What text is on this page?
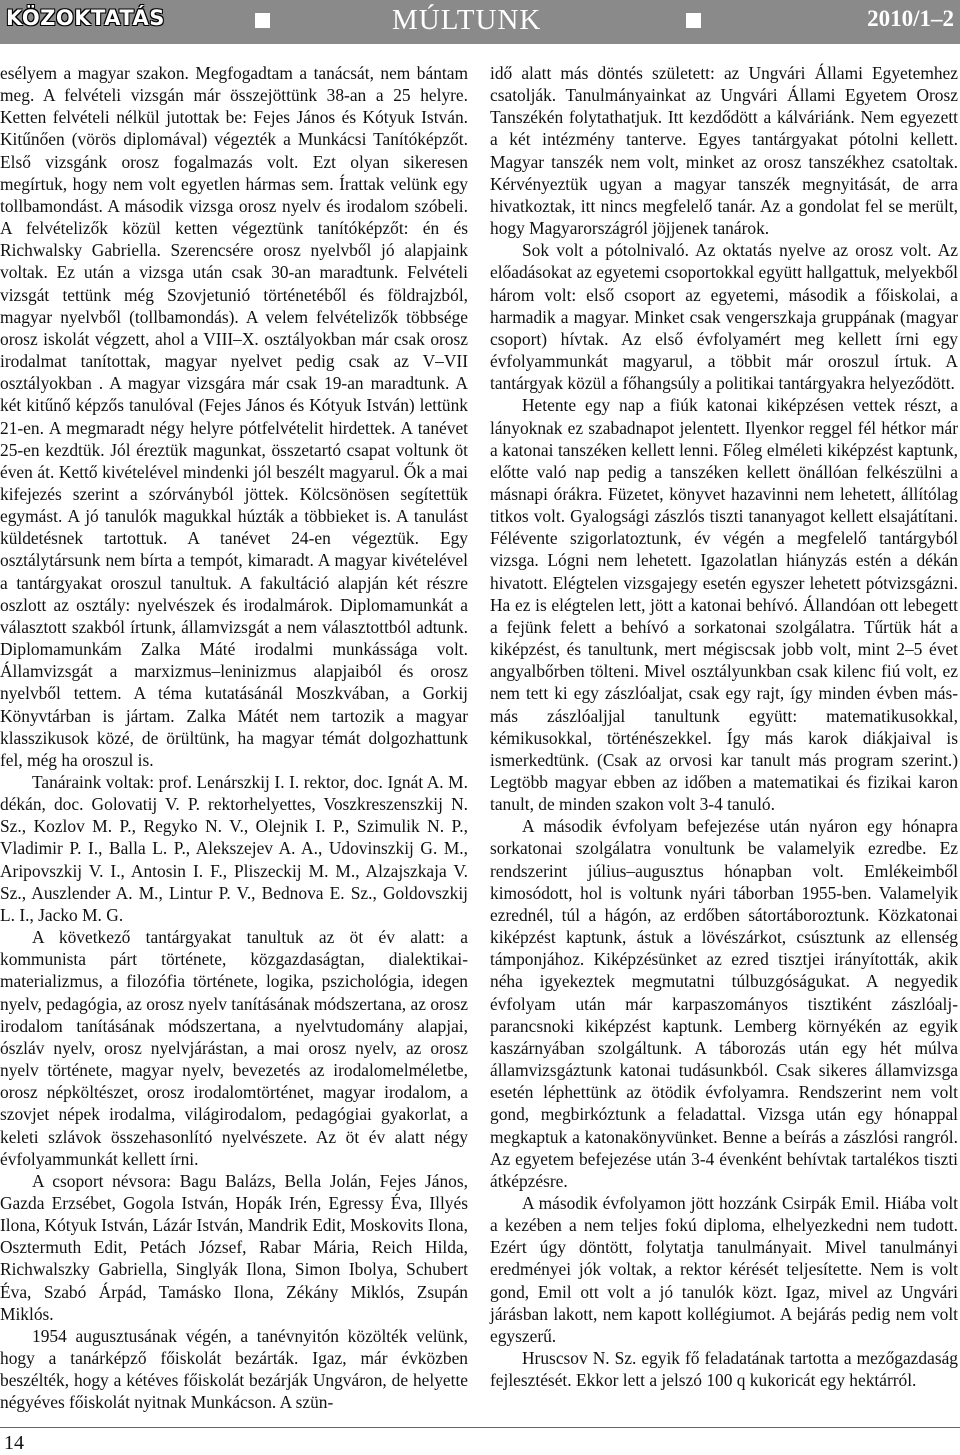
KÖZOKTATÁS	MÚLTUNK	2010/1–2

esélyem a magyar szakon. Megfogadtam a tanácsát, nem bántam meg. A felvételi vizsgán már összejöttünk 38-an a 25 helyre. Ketten felvételi nélkül jutottak be: Fejes János és Kótyuk István. Kitűnően (vörös diplomával) végezték a Munkácsi Tanítóképzőt. Első vizsgánk orosz fogalmazás volt. Ezt olyan sikeresen megírtuk, hogy nem volt egyetlen hármas sem. Írattak velünk egy tollbamondást. A második vizsga orosz nyelv és irodalom szóbeli. A felvételizők közül ketten végeztünk tanítóképzőt: én és Richwalsky Gabriella. Szerencsére orosz nyelvből jó alapjaink voltak. Ez után a vizsga után csak 30-an maradtunk. Felvételi vizsgát tettünk még Szovjetunió történetéből és földrajzból, magyar nyelvből (tollbamondás). A velem felvételizők többsége orosz iskolát végzett, ahol a VIII–X. osztályokban már csak orosz irodalmat tanítottak, magyar nyelvet pedig csak az V–VII osztályokban . A magyar vizsgára már csak 19-an maradtunk. A két kitűnő képzős tanulóval (Fejes János és Kótyuk István) lettünk 21-en. A megmaradt négy helyre pótfelvételit hirdettek. A tanévet 25-en kezdtük. Jól éreztük magunkat, összetartó csapat voltunk öt éven át. Kettő kivételével mindenki jól beszélt magyarul. Ők a mai kifejezés szerint a szórványból jöttek. Kölcsönösen segítettük egymást. A jó tanulók magukkal húzták a többieket is. A tanulást küldetésnek tartottuk. A tanévet 24-en végeztük. Egy osztálytársunk nem bírta a tempót, kimaradt. A magyar kivételével a tantárgyakat oroszul tanultuk. A fakultáció alapján két részre oszlott az osztály: nyelvészek és irodalmárok. Diplomamunkát a választott szakból írtunk, államvizsgát a nem választottból adtunk. Diplomamunkám Zalka Máté irodalmi munkássága volt. Államvizsgát a marxizmus–leninizmus alapjaiból és orosz nyelvből tettem. A téma kutatásánál Moszkvában, a Gorkij Könyvtárban is jártam. Zalka Mátét nem tartozik a magyar klasszikusok közé, de örültünk, ha magyar témát dolgozhattunk fel, még ha oroszul is.

Tanáraink voltak: prof. Lenárszkij I. I. rektor, doc. Ignát A. M. dékán, doc. Golovatij V. P. rektorhelyettes, Voszkreszenszkij N. Sz., Kozlov M. P., Regyko N. V., Olejnik I. P., Szimulik N. P., Vladimir P. I., Balla L. P., Alekszejev A. A., Udovinszkij G. M., Aripovszkij V. I., Antosin I. F., Pliszeckij M. M., Alzajszkaja V. Sz., Auszlender A. M., Lintur P. V., Bednova E. Sz., Goldovszkij L. I., Jacko M. G.

A következő tantárgyakat tanultuk az öt év alatt: a kommunista párt története, közgazdaságtan, dialektikai-materializmus, a filozófia története, logika, pszichológia, idegen nyelv, pedagógia, az orosz nyelv tanításának módszertana, az orosz irodalom tanításának módszertana, a nyelvtudomány alapjai, ószláv nyelv, orosz nyelvjárástan, a mai orosz nyelv, az orosz nyelv története, magyar nyelv, bevezetés az irodalomelméletbe, orosz népköltészet, orosz irodalomtörténet, magyar irodalom, a szovjet népek irodalma, világirodalom, pedagógiai gyakorlat, a keleti szlávok összehasonlító nyelvészete. Az öt év alatt négy évfolyammunkát kellett írni.

A csoport névsora: Bagu Balázs, Bella Jolán, Fejes János, Gazda Erzsébet, Gogola István, Hopák Irén, Egressy Éva, Illyés Ilona, Kótyuk István, Lázár István, Mandrik Edit, Moskovits Ilona, Osztermuth Edit, Petách József, Rabar Mária, Reich Hilda, Richwalszky Gabriella, Singlyák Ilona, Simon Ibolya, Schubert Éva, Szabó Árpád, Tamásko Ilona, Zékány Miklós, Zsupán Miklós.

1954 augusztusának végén, a tanévnyitón közölték velünk, hogy a tanárképző főiskolát bezárták. Igaz, már évközben beszélték, hogy a kétéves főiskolát bezárják Ungváron, de helyette négyéves főiskolát nyitnak Munkácson. A szün-

idő alatt más döntés született: az Ungvári Állami Egyetemhez csatolják. Tanulmányainkat az Ungvári Állami Egyetem Orosz Tanszékén folytathatjuk. Itt kezdődött a kálváriánk. Nem egyezett a két intézmény tanterve. Egyes tantárgyakat pótolni kellett. Magyar tanszék nem volt, minket az orosz tanszékhez csatoltak. Kérvényeztük ugyan a magyar tanszék megnyitását, de arra hivatkoztak, itt nincs megfelelő tanár. Az a gondolat fel se merült, hogy Magyarországról jöjjenek tanárok.

Sok volt a pótolnivaló. Az oktatás nyelve az orosz volt. Az előadásokat az egyetemi csoportokkal együtt hallgattuk, melyekből három volt: első csoport az egyetemi, második a főiskolai, a harmadik a magyar. Minket csak vengerszkaja gruppának (magyar csoport) hívtak. Az első évfolyamért meg kellett írni egy évfolyammunkát magyarul, a többit már oroszul írtuk. A tantárgyak közül a főhangsúly a politikai tantárgyakra helyeződött.

Hetente egy nap a fiúk katonai kiképzésen vettek részt, a lányoknak ez szabadnapot jelentett. Ilyenkor reggel fél hétkor már a katonai tanszéken kellett lenni. Főleg elméleti kiképzést kaptunk, előtte való nap pedig a tanszéken kellett önállóan felkészülni a másnapi órákra. Füzetet, könyvet hazavinni nem lehetett, állítólag titkos volt. Gyalogsági zászlós tiszti tananyagot kellett elsajátítani. Félévente szigorlatoztunk, év végén a megfelelő tantárgyból vizsga. Lógni nem lehetett. Igazolatlan hiányzás estén a dékán hivatott. Elégtelen vizsgajegy esetén egyszer lehetett pótvizsgázni. Ha ez is elégtelen lett, jött a katonai behívó. Állandóan ott lebegett a fejünk felett a behívó a sorkatonai szolgálatra. Tűrtük hát a kiképzést, és tanultunk, mert mégiscsak jobb volt, mint 2–5 évet angyalbőrben tölteni. Mivel osztályunkban csak kilenc fiú volt, ez nem tett ki egy zászlóaljat, csak egy rajt, így minden évben más-más zászlóaljjal tanultunk együtt: matematikusokkal, kémikusokkal, történészekkel. Így más karok diákjaival is ismerkedtünk. (Csak az orvosi kar tanult más program szerint.) Legtöbb magyar ebben az időben a matematikai és fizikai karon tanult, de minden szakon volt 3-4 tanuló.

A második évfolyam befejezése után nyáron egy hónapra sorkatonai szolgálatra vonultunk be valamelyik ezredbe. Ez rendszerint július–augusztus hónapban volt. Emlékeimből kimosódott, hol is voltunk nyári táborban 1955-ben. Valamelyik ezrednél, túl a hágón, az erdőben sátortáboroztunk. Közkatonai kiképzést kaptunk, ástuk a lövészárkot, csúsztunk az ellenség támponjához. Kiképzésünket az ezred tisztjei irányították, akik néha igyekeztek megmutatni túlbuzgóságukat. A negyedik évfolyam után már karpaszományos tisztiként zászlóalj-parancsnoki kiképzést kaptunk. Lemberg környékén az egyik kaszárnyában szolgáltunk. A táborozás után egy hét múlva államvizsgáztunk katonai tudásunkból. Csak sikeres államvizsga esetén léphettünk az ötödik évfolyamra. Rendszerint nem volt gond, megbirkóztunk a feladattal. Vizsga után egy hónappal megkaptuk a katonakönyvünket. Benne a beírás a zászlósi rangról. Az egyetem befejezése után 3-4 évenként behívtak tartalékos tiszti átképzésre.

A második évfolyamon jött hozzánk Csirpák Emil. Hiába volt a kezében a nem teljes fokú diploma, elhelyezkedni nem tudott. Ezért úgy döntött, folytatja tanulmányait. Mivel tanulmányi eredményei jók voltak, a rektor kérését teljesítette. Nem is volt gond, Emil ott volt a jó tanulók közt. Igaz, mivel az Ungvári járásban lakott, nem kapott kollégiumot. A bejárás pedig nem volt egyszerű.

Hruscsov N. Sz. egyik fő feladatának tartotta a mezőgazdaság fejlesztését. Ekkor lett a jelszó 100 q kukoricát egy hektárról.

14
